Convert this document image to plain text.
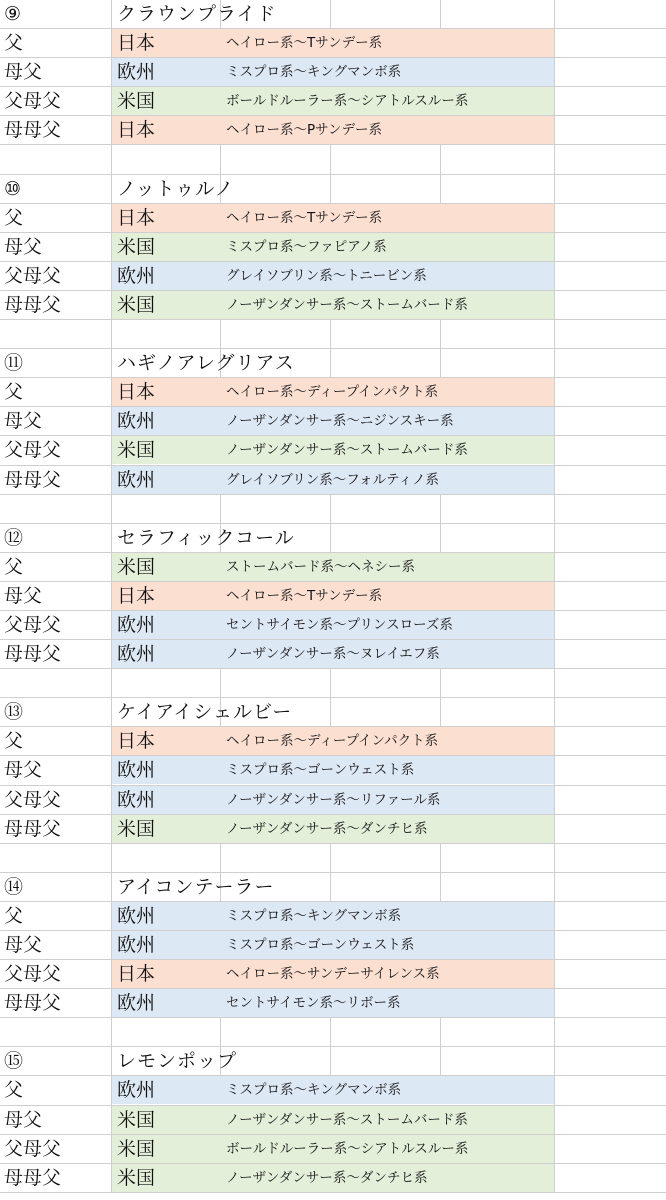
⑨	クラウンプライド
父	日本	ヘイロー系～Tサンデー系
母父	欧州	ミスプロ系～キングマンボ系
父母父	米国	ボールドルーラー系～シアトルスルー系
母母父	日本	ヘイロー系～Pサンデー系
⑩	ノットゥルノ
父	日本	ヘイロー系～Tサンデー系
母父	米国	ミスプロ系～ファピアノ系
父母父	欧州	グレイソブリン系～トニービン系
母母父	米国	ノーザンダンサー系～ストームバード系
⑪	ハギノアレグリアス
父	日本	ヘイロー系～ディープインパクト系
母父	欧州	ノーザンダンサー系～ニジンスキー系
父母父	米国	ノーザンダンサー系～ストームバード系
母母父	欧州	グレイソブリン系～フォルティノ系
⑫	セラフィックコール
父	米国	ストームバード系～ヘネシー系
母父	日本	ヘイロー系～Tサンデー系
父母父	欧州	セントサイモン系～プリンスローズ系
母母父	欧州	ノーザンダンサー系～ヌレイエフ系
⑬	ケイアイシェルビー
父	日本	ヘイロー系～ディープインパクト系
母父	欧州	ミスプロ系～ゴーンウェスト系
父母父	欧州	ノーザンダンサー系～リファール系
母母父	米国	ノーザンダンサー系～ダンチヒ系
⑭	アイコンテーラー
父	欧州	ミスプロ系～キングマンボ系
母父	欧州	ミスプロ系～ゴーンウェスト系
父母父	日本	ヘイロー系～サンデーサイレンス系
母母父	欧州	セントサイモン系～リボー系
⑮	レモンポップ
父	欧州	ミスプロ系～キングマンボ系
母父	米国	ノーザンダンサー系～ストームバード系
父母父	米国	ボールドルーラー系～シアトルスルー系
母母父	米国	ノーザンダンサー系～ダンチヒ系
